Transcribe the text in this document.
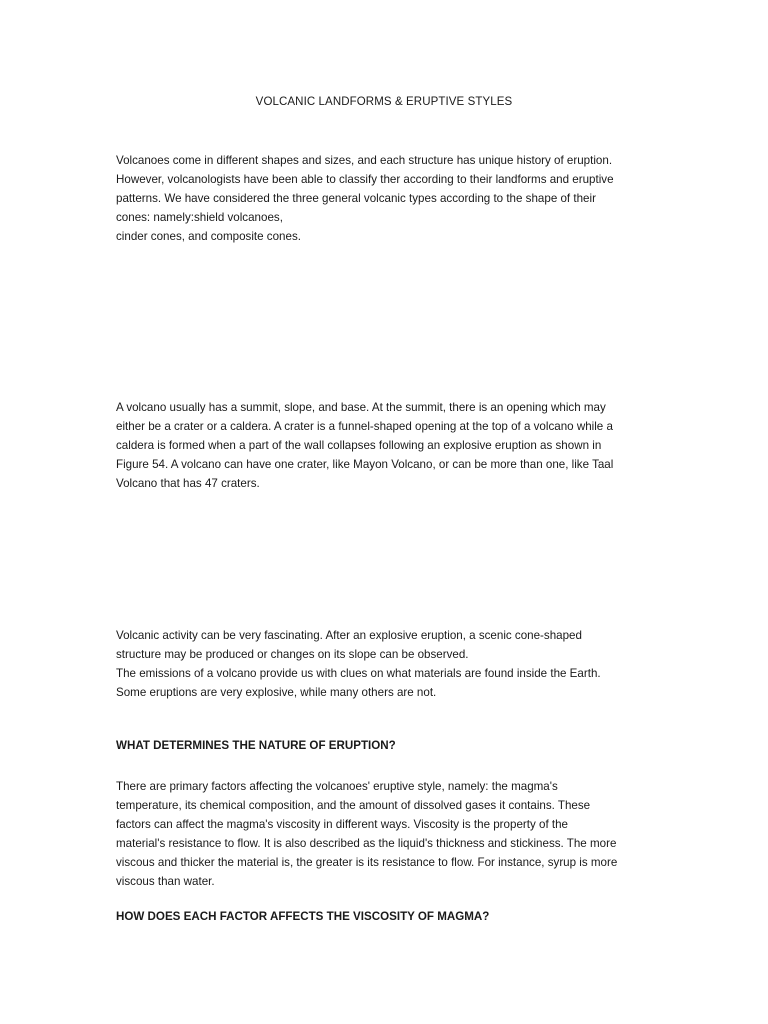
VOLCANIC LANDFORMS & ERUPTIVE STYLES

Volcanoes come in different shapes and sizes, and each structure has unique history of eruption.
However, volcanologists have been able to classify ther according to their landforms and eruptive
patterns. We have considered the three general volcanic types according to the shape of their
cones: namely:shield volcanoes,
cinder cones, and composite cones.

A volcano usually has a summit, slope, and base. At the summit, there is an opening which may
either be a crater or a caldera. A crater is a funnel-shaped opening at the top of a volcano while a
caldera is formed when a part of the wall collapses following an explosive eruption as shown in
Figure 54. A volcano can have one crater, like Mayon Volcano, or can be more than one, like Taal
Volcano that has 47 craters.

Volcanic activity can be very fascinating. After an explosive eruption, a scenic cone-shaped
structure may be produced or changes on its slope can be observed.
The emissions of a volcano provide us with clues on what materials are found inside the Earth.
Some eruptions are very explosive, while many others are not.

WHAT DETERMINES THE NATURE OF ERUPTION?

There are primary factors affecting the volcanoes' eruptive style, namely: the magma's
temperature, its chemical composition, and the amount of dissolved gases it contains. These
factors can affect the magma's viscosity in different ways. Viscosity is the property of the
material's resistance to flow. It is also described as the liquid's thickness and stickiness. The more
viscous and thicker the material is, the greater is its resistance to flow. For instance, syrup is more
viscous than water.

HOW DOES EACH FACTOR AFFECTS THE VISCOSITY OF MAGMA?
